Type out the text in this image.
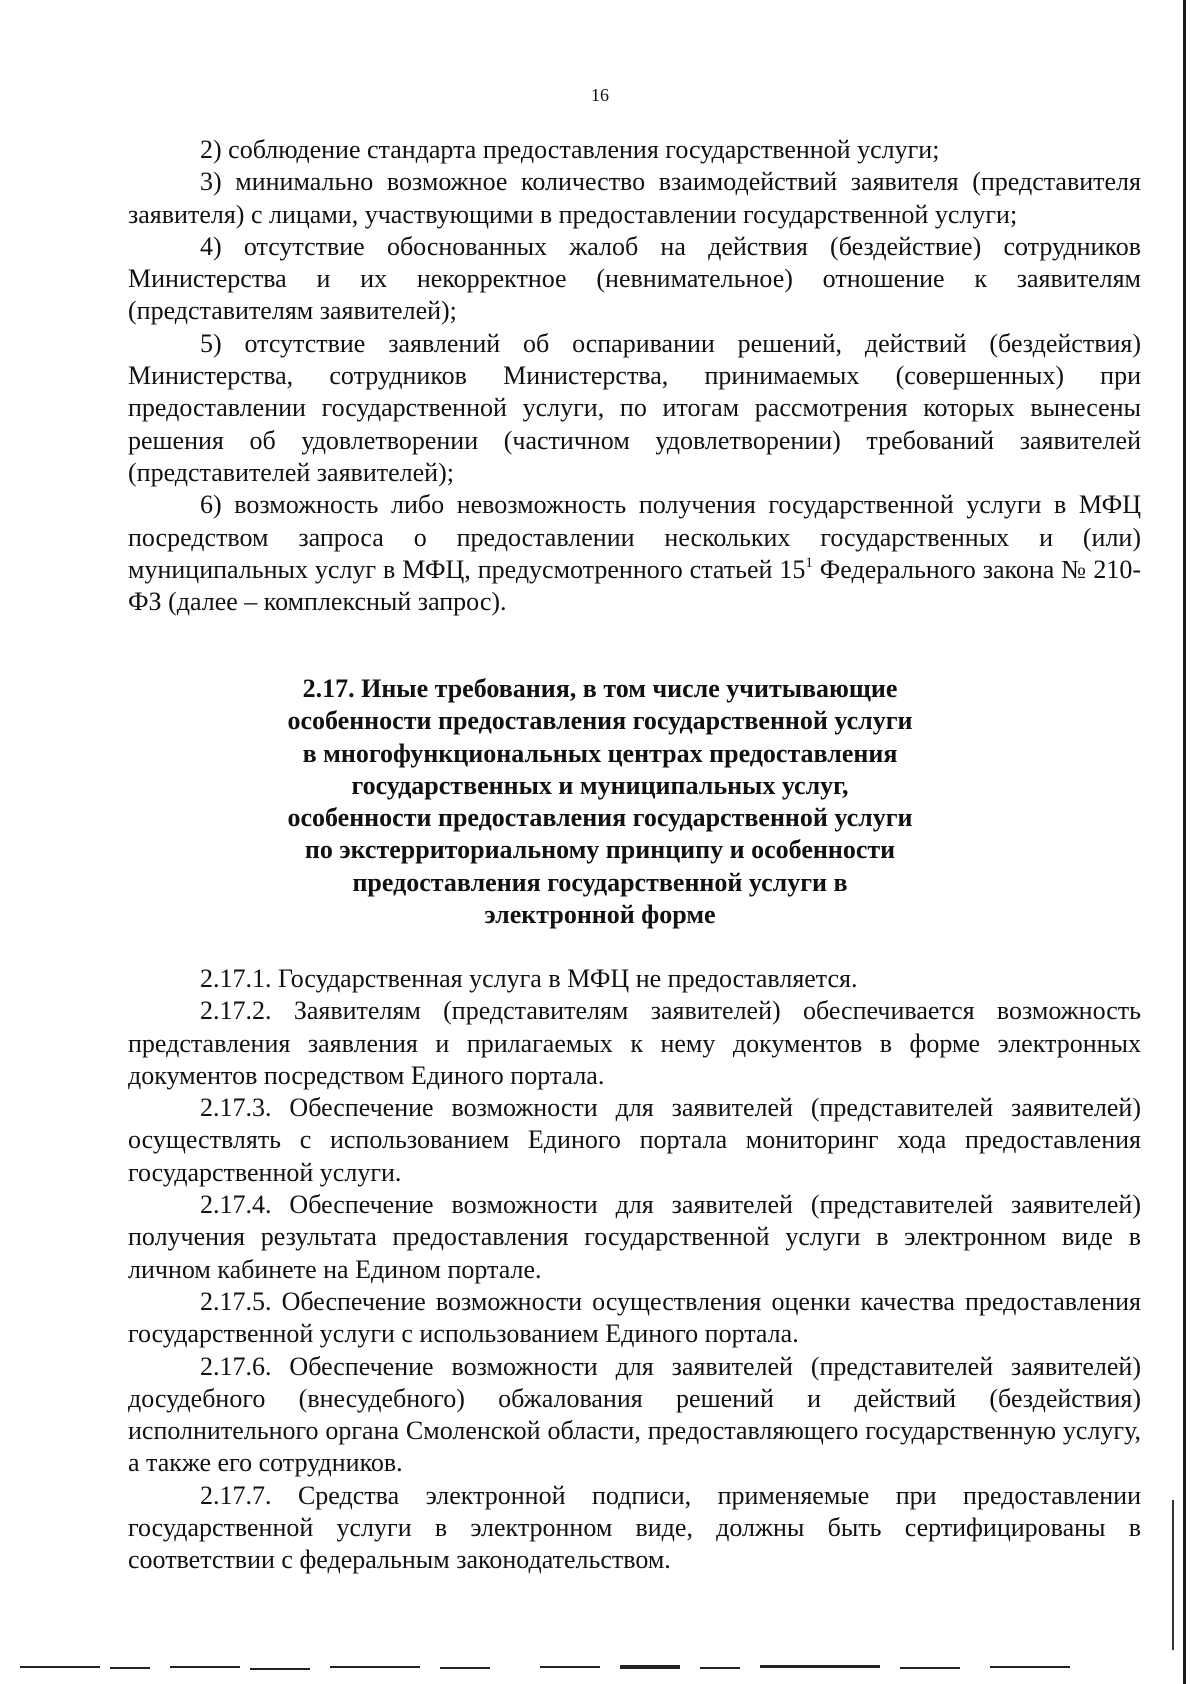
16

2) соблюдение стандарта предоставления государственной услуги;

3) минимально возможное количество взаимодействий заявителя (представителя заявителя) с лицами, участвующими в предоставлении государственной услуги;

4) отсутствие обоснованных жалоб на действия (бездействие) сотрудников Министерства и их некорректное (невнимательное) отношение к заявителям (представителям заявителей);

5) отсутствие заявлений об оспаривании решений, действий (бездействия) Министерства, сотрудников Министерства, принимаемых (совершенных) при предоставлении государственной услуги, по итогам рассмотрения которых вынесены решения об удовлетворении (частичном удовлетворении) требований заявителей (представителей заявителей);

6) возможность либо невозможность получения государственной услуги в МФЦ посредством запроса о предоставлении нескольких государственных и (или) муниципальных услуг в МФЦ, предусмотренного статьей $15^1$ Федерального закона № 210-ФЗ (далее – комплексный запрос).

2.17. Иные требования, в том числе учитывающие
особенности предоставления государственной услуги
в многофункциональных центрах предоставления
государственных и муниципальных услуг,
особенности предоставления государственной услуги
по экстерриториальному принципу и особенности
предоставления государственной услуги в
электронной форме

2.17.1. Государственная услуга в МФЦ не предоставляется.

2.17.2. Заявителям (представителям заявителей) обеспечивается возможность представления заявления и прилагаемых к нему документов в форме электронных документов посредством Единого портала.

2.17.3. Обеспечение возможности для заявителей (представителей заявителей) осуществлять с использованием Единого портала мониторинг хода предоставления государственной услуги.

2.17.4. Обеспечение возможности для заявителей (представителей заявителей) получения результата предоставления государственной услуги в электронном виде в личном кабинете на Едином портале.

2.17.5. Обеспечение возможности осуществления оценки качества предоставления государственной услуги с использованием Единого портала.

2.17.6. Обеспечение возможности для заявителей (представителей заявителей) досудебного (внесудебного) обжалования решений и действий (бездействия) исполнительного органа Смоленской области, предоставляющего государственную услугу, а также его сотрудников.

2.17.7. Средства электронной подписи, применяемые при предоставлении государственной услуги в электронном виде, должны быть сертифицированы в соответствии с федеральным законодательством.
